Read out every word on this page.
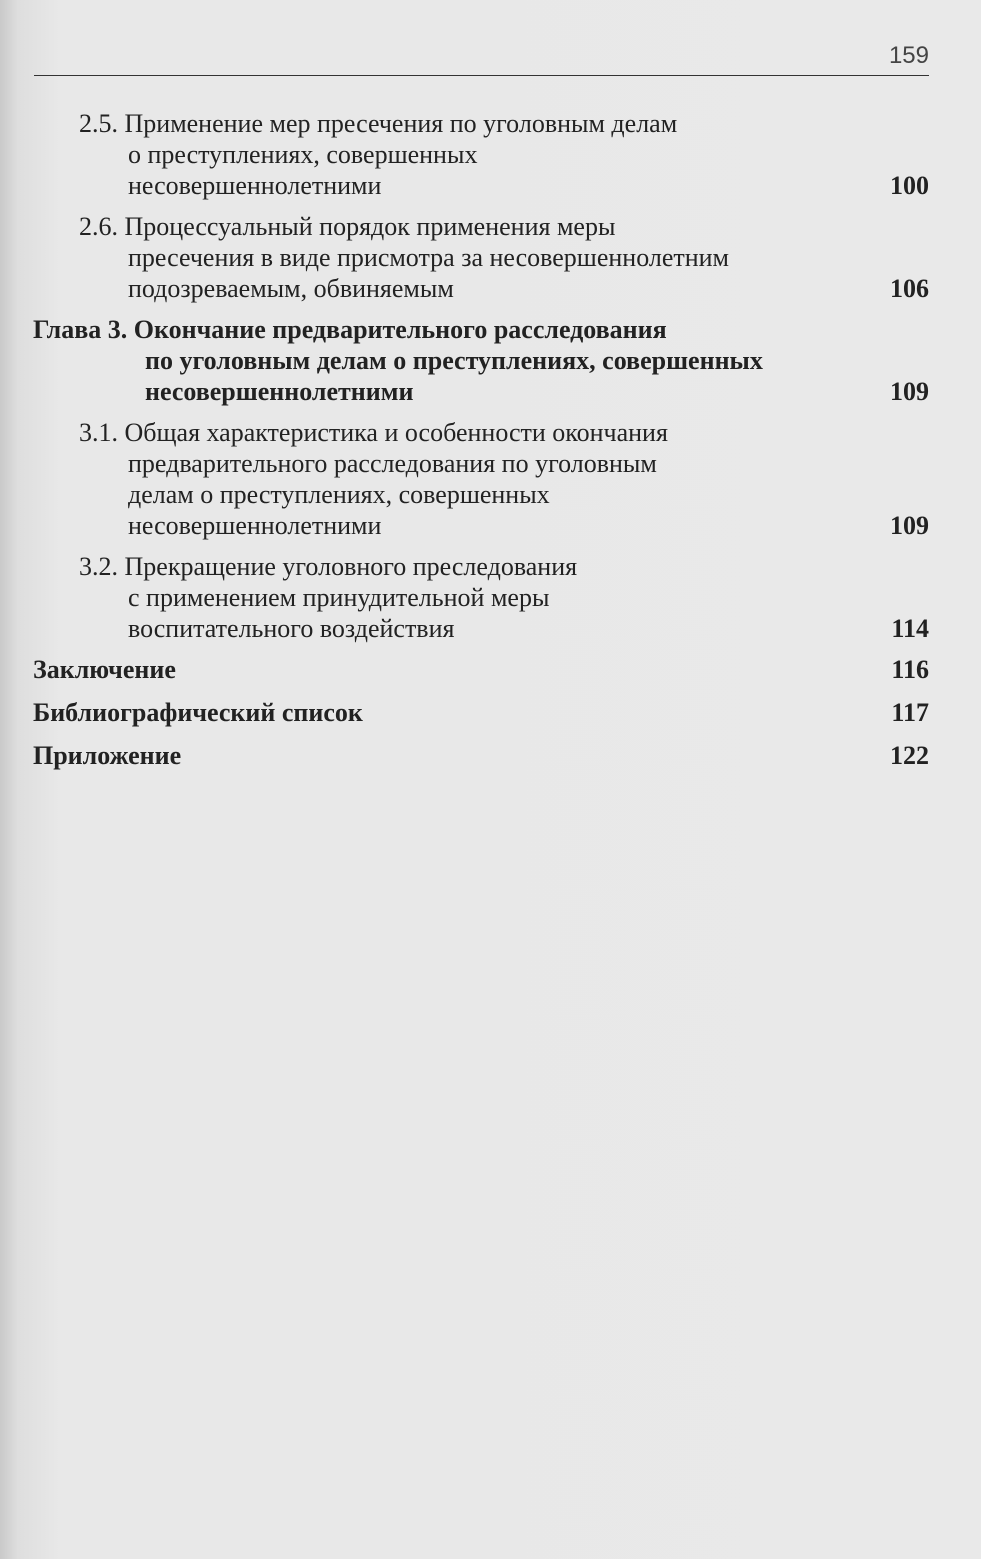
159
2.5. Применение мер пресечения по уголовным делам
о преступлениях, совершенных
несовершеннолетними	100
2.6. Процессуальный порядок применения меры
пресечения в виде присмотра за несовершеннолетним
подозреваемым, обвиняемым	106
Глава 3. Окончание предварительного расследования
по уголовным делам о преступлениях, совершенных
несовершеннолетними	109
3.1. Общая характеристика и особенности окончания
предварительного расследования по уголовным
делам о преступлениях, совершенных
несовершеннолетними	109
3.2. Прекращение уголовного преследования
с применением принудительной меры
воспитательного воздействия	114
Заключение	116
Библиографический список	117
Приложение	122
